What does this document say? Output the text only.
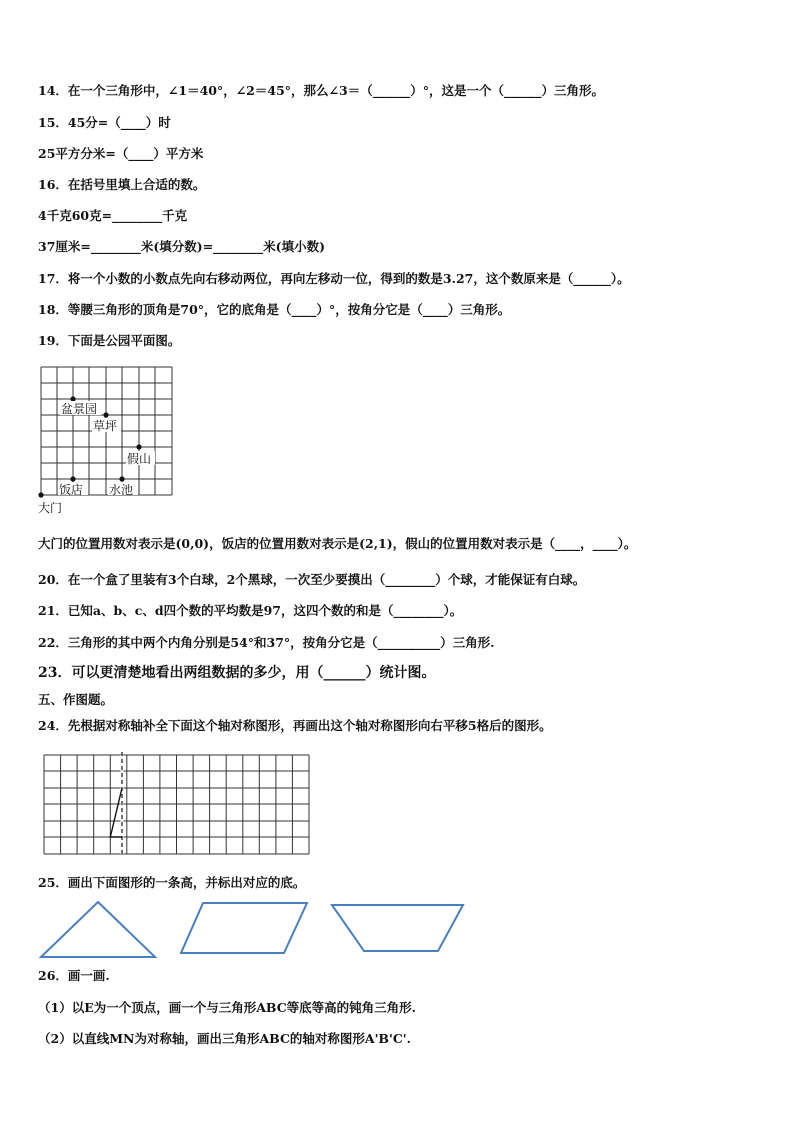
14．在一个三角形中，∠1＝40°，∠2＝45°，那么∠3＝（______）°，这是一个（______）三角形。
15．45分=（____）时
25平方分米=（____）平方米
16．在括号里填上合适的数。
4千克60克=________千克
37厘米=________米(填分数)=________米(填小数)
17．将一个小数的小数点先向右移动两位，再向左移动一位，得到的数是3.27，这个数原来是（______）。
18．等腰三角形的顶角是70°，它的底角是（____）°，按角分它是（____）三角形。
19．下面是公园平面图。
盆景园
草坪
假山
饭店 水池
大门
大门的位置用数对表示是(0,0)，饭店的位置用数对表示是(2,1)，假山的位置用数对表示是（____，____）。
20．在一个盒了里装有3个白球，2个黑球，一次至少要摸出（________）个球，才能保证有白球。
21．已知a、b、c、d四个数的平均数是97，这四个数的和是（________）。
22．三角形的其中两个内角分别是54°和37°，按角分它是（__________）三角形.
23．可以更清楚地看出两组数据的多少，用（______）统计图。
五、作图题。
24．先根据对称轴补全下面这个轴对称图形，再画出这个轴对称图形向右平移5格后的图形。
25．画出下面图形的一条高，并标出对应的底。
26．画一画.
（1）以E为一个顶点，画一个与三角形ABC等底等高的钝角三角形.
（2）以直线MN为对称轴，画出三角形ABC的轴对称图形A'B'C'.
